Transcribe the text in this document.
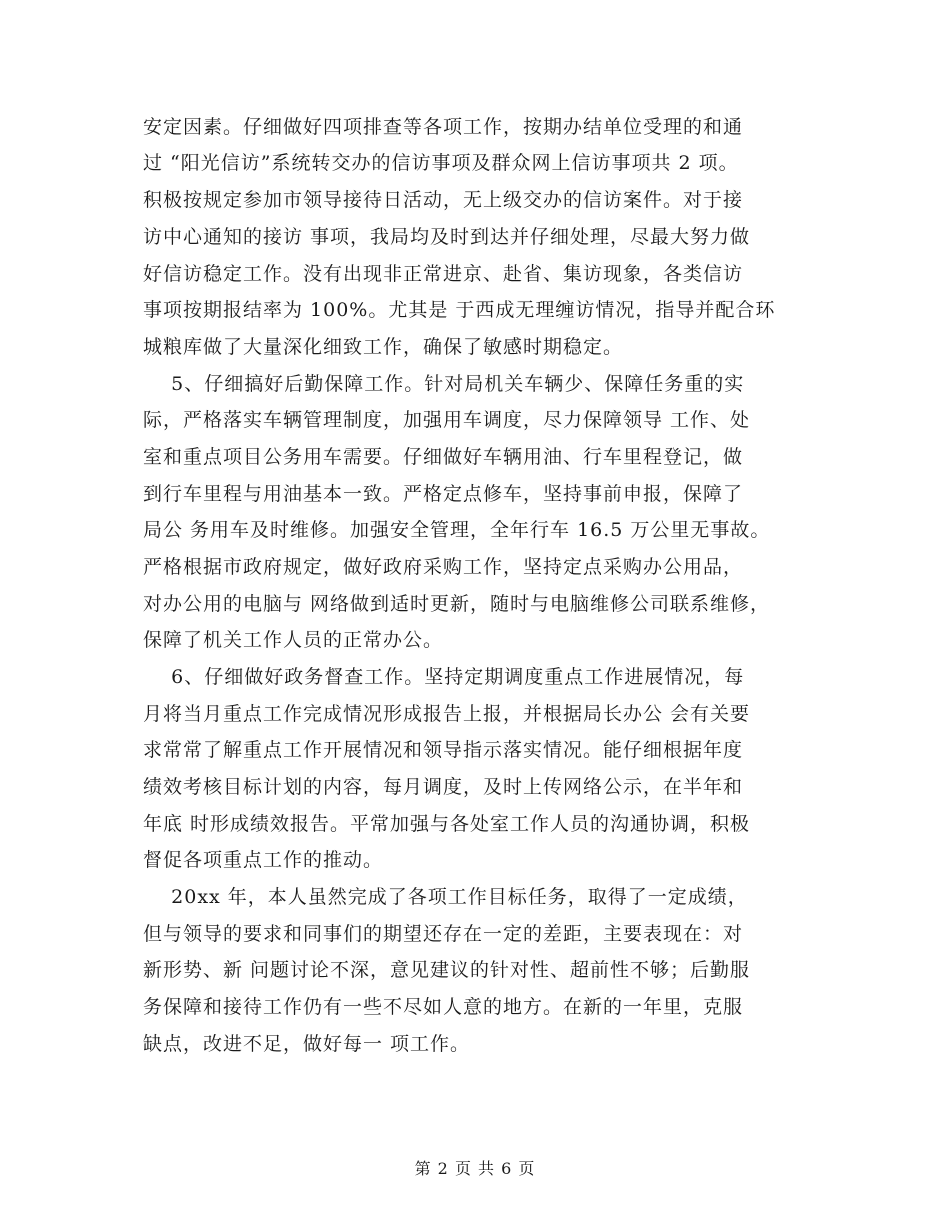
安定因素。仔细做好四项排查等各项工作，按期办结单位受理的和通
过 “阳光信访”系统转交办的信访事项及群众网上信访事项共 2 项。
积极按规定参加市领导接待日活动，无上级交办的信访案件。对于接
访中心通知的接访 事项，我局均及时到达并仔细处理，尽最大努力做
好信访稳定工作。没有出现非正常进京、赴省、集访现象，各类信访
事项按期报结率为 100%。尤其是 于西成无理缠访情况，指导并配合环
城粮库做了大量深化细致工作，确保了敏感时期稳定。
5、仔细搞好后勤保障工作。针对局机关车辆少、保障任务重的实
际，严格落实车辆管理制度，加强用车调度，尽力保障领导 工作、处
室和重点项目公务用车需要。仔细做好车辆用油、行车里程登记，做
到行车里程与用油基本一致。严格定点修车，坚持事前申报，保障了
局公 务用车及时维修。加强安全管理，全年行车 16.5 万公里无事故。
严格根据市政府规定，做好政府采购工作，坚持定点采购办公用品，
对办公用的电脑与 网络做到适时更新，随时与电脑维修公司联系维修，
保障了机关工作人员的正常办公。
6、仔细做好政务督查工作。坚持定期调度重点工作进展情况，每
月将当月重点工作完成情况形成报告上报，并根据局长办公 会有关要
求常常了解重点工作开展情况和领导指示落实情况。能仔细根据年度
绩效考核目标计划的内容，每月调度，及时上传网络公示，在半年和
年底 时形成绩效报告。平常加强与各处室工作人员的沟通协调，积极
督促各项重点工作的推动。
20xx 年，本人虽然完成了各项工作目标任务，取得了一定成绩，
但与领导的要求和同事们的期望还存在一定的差距，主要表现在：对
新形势、新 问题讨论不深，意见建议的针对性、超前性不够；后勤服
务保障和接待工作仍有一些不尽如人意的地方。在新的一年里，克服
缺点，改进不足，做好每一 项工作。
第 2 页 共 6 页
